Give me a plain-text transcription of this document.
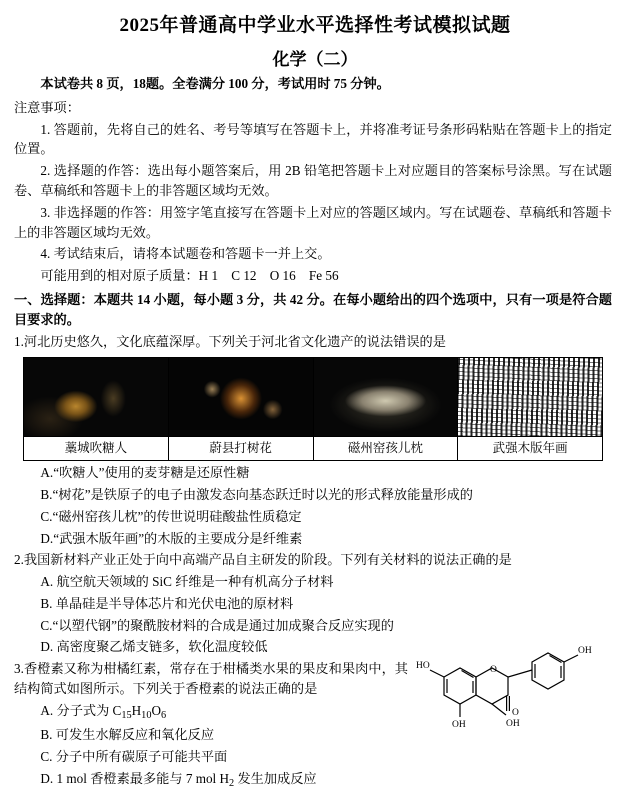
2025年普通高中学业水平选择性考试模拟试题
化学（二）

本试卷共 8 页，18题。全卷满分 100 分，考试用时 75 分钟。

注意事项：

1. 答题前，先将自己的姓名、考号等填写在答题卡上，并将准考证号条形码粘贴在答题卡上的指定位置。

2. 选择题的作答：选出每小题答案后，用 2B 铅笔把答题卡上对应题目的答案标号涂黑。写在试题卷、草稿纸和答题卡上的非答题区域均无效。

3. 非选择题的作答：用签字笔直接写在答题卡上对应的答题区域内。写在试题卷、草稿纸和答题卡上的非答题区域均无效。

4. 考试结束后，请将本试题卷和答题卡一并上交。

可能用到的相对原子质量：H 1　C 12　O 16　Fe 56

一、选择题：本题共 14 小题，每小题 3 分，共 42 分。在每小题给出的四个选项中，只有一项是符合题目要求的。

1.河北历史悠久，文化底蕴深厚。下列关于河北省文化遗产的说法错误的是

藁城吹糖人	蔚县打树花	磁州窑孩儿枕	武强木版年画

A.“吹糖人”使用的麦芽糖是还原性糖

B.“树花”是铁原子的电子由激发态向基态跃迁时以光的形式释放能量形成的

C.“磁州窑孩儿枕”的传世说明硅酸盐性质稳定

D.“武强木版年画”的木版的主要成分是纤维素

2.我国新材料产业正处于向中高端产品自主研发的阶段。下列有关材料的说法正确的是

A. 航空航天领域的 SiC 纤维是一种有机高分子材料

B. 单晶硅是半导体芯片和光伏电池的原材料

C.“以塑代钢”的聚酰胺材料的合成是通过加成聚合反应实现的

D. 高密度聚乙烯支链多，软化温度较低

O
HO
OH	OH
OH
O

3.香橙素又称为柑橘红素，常存在于柑橘类水果的果皮和果肉中，其结构简式如图所示。下列关于香橙素的说法正确的是

A. 分子式为 $C_{15}H_{10}O_6$

B. 可发生水解反应和氧化反应

C. 分子中所有碳原子可能共平面

D. 1 mol 香橙素最多能与 7 mol $H_2$ 发生加成反应
